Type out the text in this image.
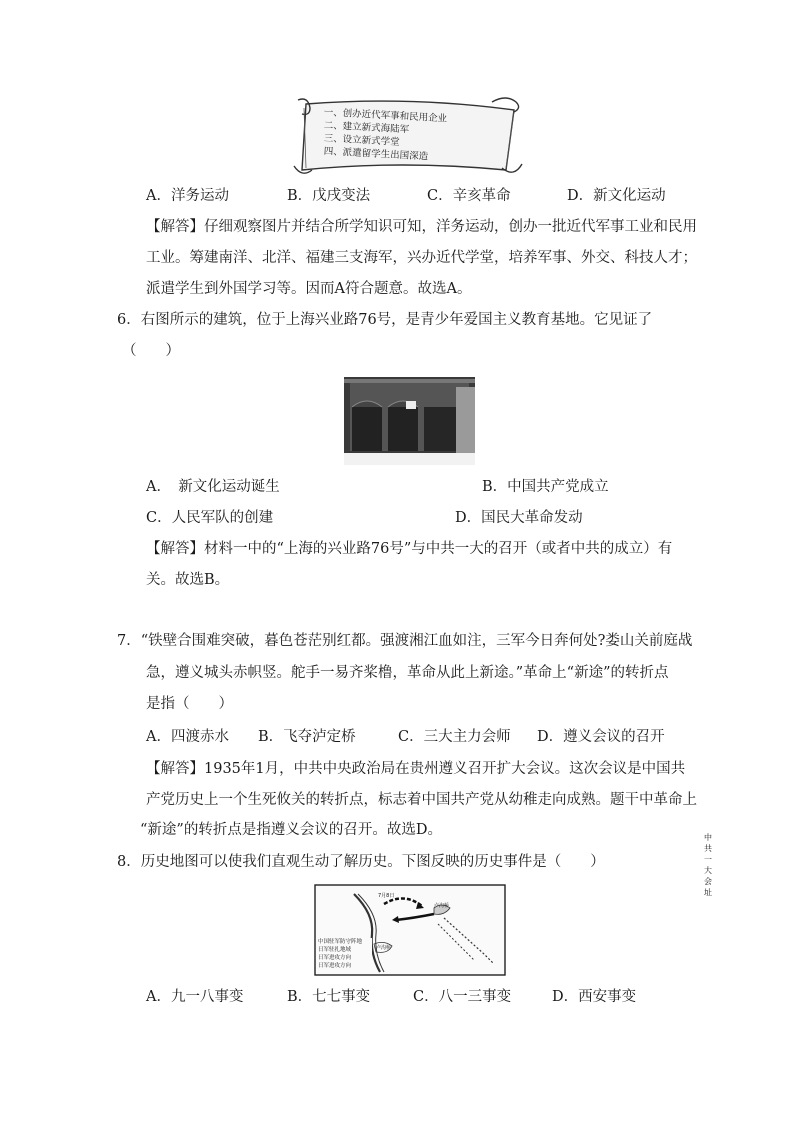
一、创办近代军事和民用企业
二、建立新式海陆军
三、设立新式学堂
四、派遣留学生出国深造
A．洋务运动	B．戊戌变法	C．辛亥革命	D．新文化运动
【解答】仔细观察图片并结合所学知识可知，洋务运动，创办一批近代军事工业和民用
工业。筹建南洋、北洋、福建三支海军，兴办近代学堂，培养军事、外交、科技人才；
派遣学生到外国学习等。因而A符合题意。故选A。
6．右图所示的建筑，位于上海兴业路76号，是青少年爱国主义教育基地。它见证了
（　　）
中共一大会址
A．　新文化运动诞生	B．中国共产党成立
C．人民军队的创建	D．国民大革命发动
【解答】材料一中的“上海的兴业路76号”与中共一大的召开（或者中共的成立）有
关。故选B。
7．“铁壁合围难突破，暮色苍茫别红都。强渡湘江血如注，三军今日奔何处?娄山关前庭战
急，遵义城头赤帜竖。舵手一易齐桨橹，革命从此上新途。”革命上“新途”的转折点
是指（　　）
A．四渡赤水 B．飞夺泸定桥	C．三大主力会师 D．遵义会议的召开
【解答】1935年1月，中共中央政治局在贵州遵义召开扩大会议。这次会议是中国共
产党历史上一个生死攸关的转折点，标志着中国共产党从幼稚走向成熟。题干中革命上
“新途”的转折点是指遵义会议的召开。故选D。
8．历史地图可以使我们直观生动了解历史。下图反映的历史事件是（　　）
7月8日
卢沟桥
卢沟桥
中国驻军防守阵地
日军驻扎地域
日军进攻方向
日军进攻方向
A．九一八事变	B．七七事变	C．八一三事变	D．西安事变
